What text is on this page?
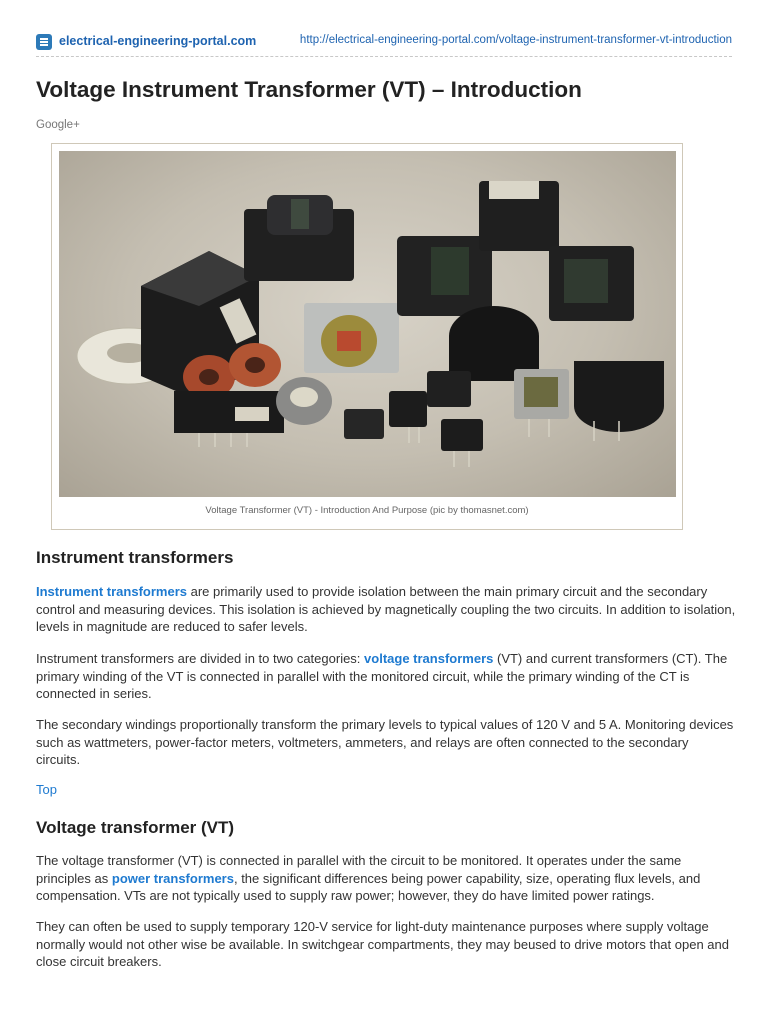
electrical-engineering-portal.com	http://electrical-engineering-portal.com/voltage-instrument-transformer-vt-introduction
Voltage Instrument Transformer (VT) – Introduction
Google+
Voltage Transformer (VT) - Introduction And Purpose (pic by thomasnet.com)
Instrument transformers

Instrument transformers are primarily used to provide isolation between the main primary circuit and the secondary control and measuring devices. This isolation is achieved by magnetically coupling the two circuits. In addition to isolation, levels in magnitude are reduced to safer levels.

Instrument transformers are divided in to two categories: voltage transformers (VT) and current transformers (CT). The primary winding of the VT is connected in parallel with the monitored circuit, while the primary winding of the CT is connected in series.

The secondary windings proportionally transform the primary levels to typical values of 120 V and 5 A. Monitoring devices such as wattmeters, power-factor meters, voltmeters, ammeters, and relays are often connected to the secondary circuits.

Top
Voltage transformer (VT)

The voltage transformer (VT) is connected in parallel with the circuit to be monitored. It operates under the same principles as power transformers, the significant differences being power capability, size, operating flux levels, and compensation. VTs are not typically used to supply raw power; however, they do have limited power ratings.

They can often be used to supply temporary 120-V service for light-duty maintenance purposes where supply voltage normally would not other wise be available. In switchgear compartments, they may beused to drive motors that open and close circuit breakers.
